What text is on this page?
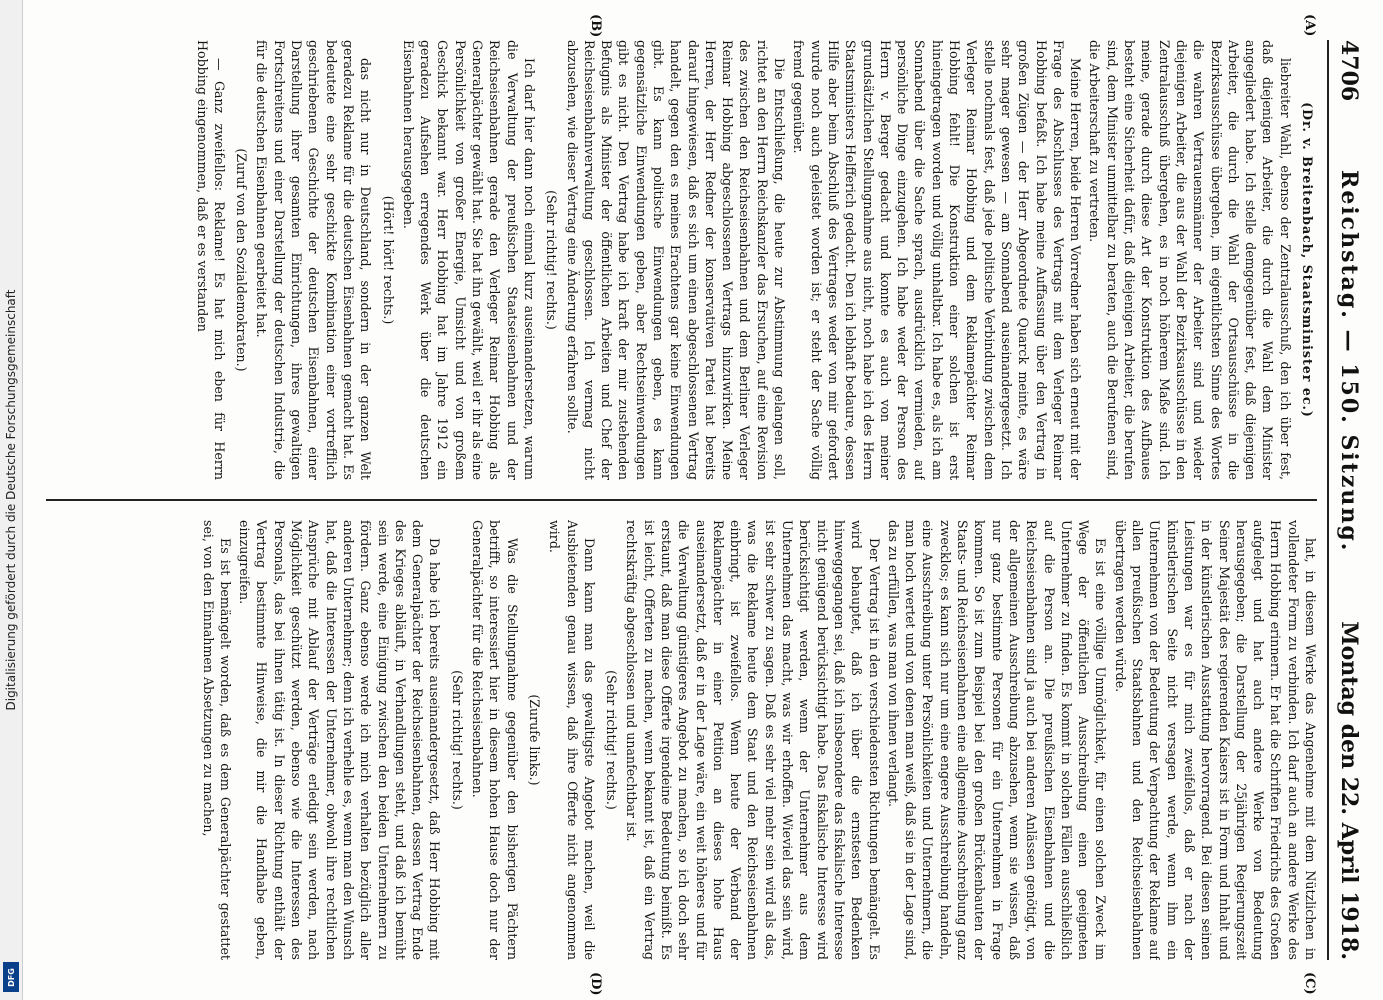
4706
Reichstag. — 150. Sitzung.
Montag den 22. April 1918.
(A)
(B)
(C)
(D)

(Dr. v. Breitenbach, Staatsminister ec.)

liebreiter Wahl, ebenso der Zentralausschuß, den ich über fest, daß diejenigen Arbeiter, die durch die Wahl dem Minister angegliedert habe. Ich stelle demgegenüber fest, daß diejenigen Arbeiter, die durch die Wahl der Ortsausschüsse in die Bezirksausschüsse übergehen, im eigentlichsten Sinne des Wortes die wahren Vertrauensmänner der Arbeiter sind und wieder diejenigen Arbeiter, die aus der Wahl der Bezirksausschüsse in den Zentralausschuß übergehen, es in noch höherem Maße sind. Ich meine, gerade durch diese Art der Konstruktion des Aufbaues besteht eine Sicherheit dafür, daß diejenigen Arbeiter, die berufen sind, dem Minister unmittelbar zu beraten, auch die Berufenen sind, die Arbeiterschaft zu vertreten.

Meine Herren, beide Herren Vorredner haben sich erneut mit der Frage des Abschlusses des Vertrags mit dem Verleger Reimar Hobbing befaßt. Ich habe meine Auffassung über den Vertrag in großen Zügen — der Herr Abgeordnete Quarck meinte, es wäre sehr mager gewesen — am Sonnabend auseinandergesetzt. Ich stelle nochmals fest, daß jede politische Verbindung zwischen dem Verleger Reimar Hobbing und dem Reklamepächter Reimar Hobbing fehlt! Die Konstruktion einer solchen ist erst hineingetragen worden und völlig unhaltbar. Ich habe es, als ich am Sonnabend über die Sache sprach, ausdrücklich vermieden, auf persönliche Dinge einzugehen. Ich habe weder der Person des Herrn v. Berger gedacht und konnte es auch von meiner grundsätzlichen Stellungnahme aus nicht, noch habe ich des Herrn Staatsministers Helfferich gedacht. Den ich lebhaft bedaure, dessen Hilfe aber beim Abschluß des Vertrages weder von mir gefordert wurde noch auch geleistet worden ist; er steht der Sache völlig fremd gegenüber.

Die Entschließung, die heute zur Abstimmung gelangen soll, richtet an den Herrn Reichskanzler das Ersuchen, auf eine Revision des zwischen den Reichseisenbahnen und dem Berliner Verleger Reimar Hobbing abgeschlossenen Vertrags hinzuwirken. Meine Herren, der Herr Redner der konservativen Partei hat bereits darauf hingewiesen, daß es sich um einen abgeschlossenen Vertrag handelt, gegen den es meines Erachtens gar keine Einwendungen gibt. Es kann politische Einwendungen geben, es kann gegensätzliche Einwendungen geben, aber Rechtseinwendungen gibt es nicht. Den Vertrag habe ich kraft der mir zustehenden Befugnis als Minister der öffentlichen Arbeiten und Chef der Reichseisenbahnverwaltung geschlossen. Ich vermag nicht abzusehen, wie dieser Vertrag eine Änderung erfahren sollte.

(Sehr richtig! rechts.)

Ich darf hier dann noch einmal kurz auseinandersetzen, warum die Verwaltung der preußischen Staatseisenbahnen und der Reichseisenbahnen gerade den Verleger Reimar Hobbing als Generalpächter gewählt hat. Sie hat ihn gewählt, weil er ihr als eine Persönlichkeit von großer Energie, Umsicht und von großem Geschick bekannt war. Herr Hobbing hat im Jahre 1912 ein geradezu Aufsehen erregendes Werk über die deutschen Eisenbahnen herausgegeben.

(Hört! hört! rechts.)

das nicht nur in Deutschland, sondern in der ganzen Welt geradezu Reklame für die deutschen Eisenbahnen gemacht hat. Es bedeutete eine sehr geschickte Kombination einer vortrefflich geschriebenen Geschichte der deutschen Eisenbahnen, einer Darstellung ihrer gesamten Einrichtungen, ihres gewaltigen Fortschreitens und einer Darstellung der deutschen Industrie, die für die deutschen Eisenbahnen gearbeitet hat.

(Zuruf von den Sozialdemokraten.)

— Ganz zweifellos: Reklame! Es hat mich eben für Herrn Hobbing eingenommen, daß er es verstanden

hat, in diesem Werke das Angenehme mit dem Nützlichen in vollendeter Form zu verbinden. Ich darf auch an andere Werke des Herrn Hobbing erinnern. Er hat die Schriften Friedrichs des Großen aufgelegt und hat auch andere Werke von Bedeutung herausgegeben; die Darstellung der 25jährigen Regierungszeit Seiner Majestät des regierenden Kaisers ist in Form und Inhalt und in der künstlerischen Ausstattung hervorragend. Bei diesen seinen Leistungen war es für mich zweifellos, daß er nach der künstlerischen Seite nicht versagen werde, wenn ihm ein Unternehmen von der Bedeutung der Verpachtung der Reklame auf allen preußischen Staatsbahnen und den Reichseisenbahnen übertragen werden würde.

Es ist eine völlige Unmöglichkeit, für einen solchen Zweck im Wege der öffentlichen Ausschreibung einen geeigneten Unternehmer zu finden. Es kommt in solchen Fällen ausschließlich auf die Person an. Die preußischen Eisenbahnen und die Reichseisenbahnen sind ja auch bei anderen Anlässen genötigt, von der allgemeinen Ausschreibung abzusehen, wenn sie wissen, daß nur ganz bestimmte Personen für ein Unternehmen in Frage kommen. So ist zum Beispiel bei den großen Brückenbauten der Staats- und Reichseisenbahnen eine allgemeine Ausschreibung ganz zwecklos; es kann sich nur um eine engere Ausschreibung handeln, eine Ausschreibung unter Persönlichkeiten und Unternehmern, die man hoch wertet und von denen man weiß, daß sie in der Lage sind, das zu erfüllen, was man von ihnen verlangt.

Der Vertrag ist in den verschiedensten Richtungen bemängelt. Es wird behauptet, daß ich über die ernstesten Bedenken hinweggegangen sei, daß ich insbesondere das fiskalische Interesse nicht genügend berücksichtigt habe. Das fiskalische Interesse wird berücksichtigt werden, wenn der Unternehmer aus dem Unternehmen das macht, was wir erhoffen. Wieviel das sein wird, ist sehr schwer zu sagen. Daß es sehr viel mehr sein wird als das, was die Reklame heute dem Staat und den Reichseisenbahnen einbringt, ist zweifellos. Wenn heute der Verband der Reklamepächter in einer Petition an dieses hohe Haus auseinandersetzt, daß er in der Lage wäre, ein weit höheres und für die Verwaltung günstigeres Angebot zu machen, so ich doch sehr erstaunt, daß man diese Offerte irgendeine Bedeutung beimißt. Es ist leicht, Offerten zu machen, wenn bekannt ist, daß ein Vertrag rechtskräftig abgeschlossen und unanfechtbar ist.

(Sehr richtig! rechts.)

Dann kann man das gewaltigste Angebot machen, weil die Ausbietenden genau wissen, daß ihre Offerte nicht angenommen wird.

(Zurufe links.)

Was die Stellungnahme gegenüber den bisherigen Pächtern betrifft, so interessiert hier in diesem hohen Hause doch nur der Generalpächter für die Reichseisenbahnen.

(Sehr richtig! rechts.)

Da habe ich bereits auseinandergesetzt, daß Herr Hobbing mit dem Generalpächter der Reichseisenbahnen, dessen Vertrag Ende des Krieges abläuft, in Verhandlungen steht, und daß ich bemüht sein werde, eine Einigung zwischen den beiden Unternehmern zu fördern. Ganz ebenso werde ich mich verhalten bezüglich aller anderen Unternehmer; denn ich verhehle es, wenn man den Wunsch hat, daß die Interessen der Unternehmer, obwohl ihre rechtlichen Ansprüche mit Ablauf der Verträge erledigt sein werden, nach Möglichkeit geschützt werden, ebenso wie die Interessen des Personals, das bei ihnen tätig ist. In dieser Richtung enthält der Vertrag bestimmte Hinweise, die mir die Handhabe geben, einzugreifen.

Es ist bemängelt worden, daß es dem Generalpächter gestattet sei, von den Einnahmen Absetzungen zu machen,

Digitalisierung gefördert durch die Deutsche Forschungsgemeinschaft
DFG
